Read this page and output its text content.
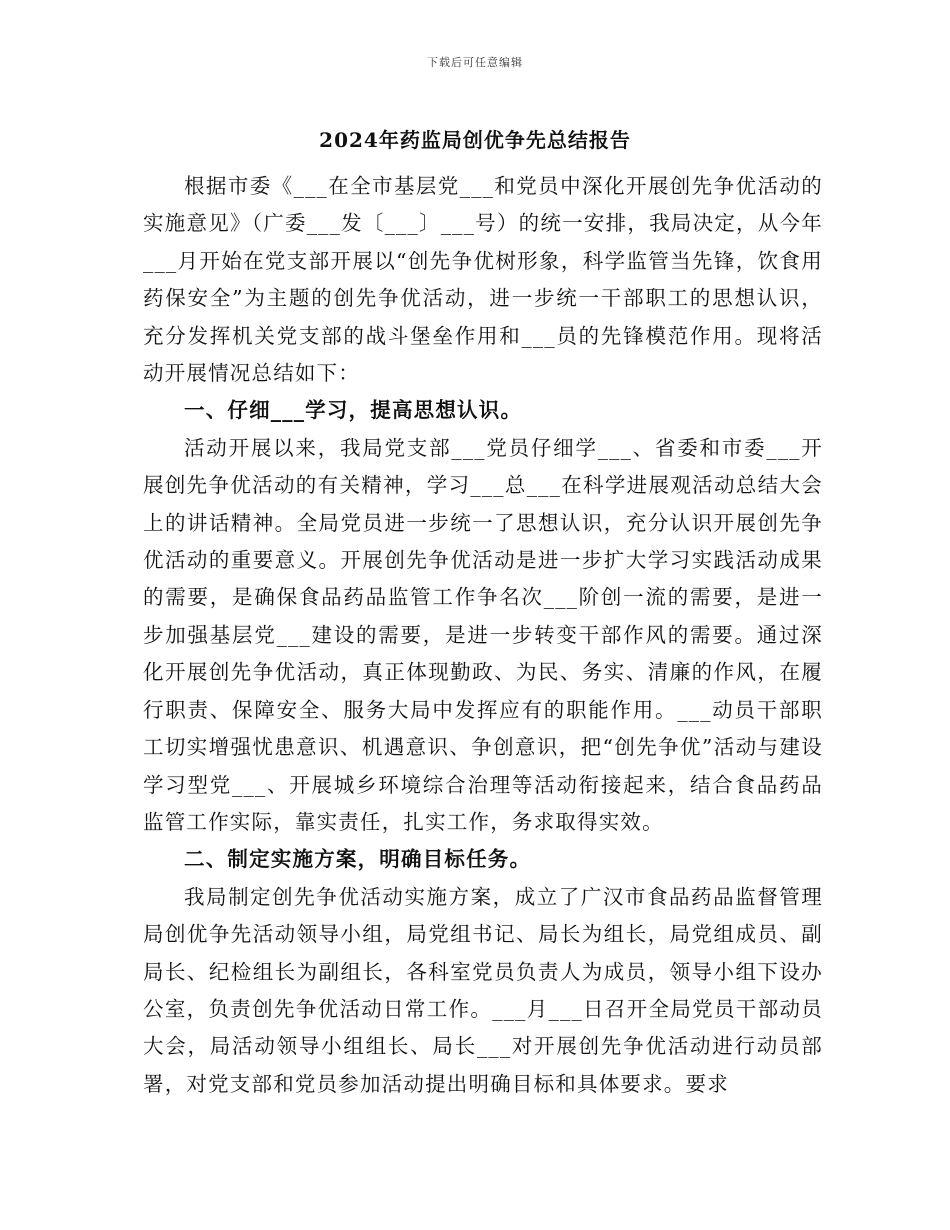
下载后可任意编辑
2024年药监局创优争先总结报告

根据市委《___在全市基层党___和党员中深化开展创先争优活动的实施意见》（广委___发〔___〕___号）的统一安排，我局决定，从今年___月开始在党支部开展以“创先争优树形象，科学监管当先锋，饮食用药保安全”为主题的创先争优活动，进一步统一干部职工的思想认识，充分发挥机关党支部的战斗堡垒作用和___员的先锋模范作用。现将活动开展情况总结如下：

一、仔细___学习，提高思想认识。

活动开展以来，我局党支部___党员仔细学___、省委和市委___开展创先争优活动的有关精神，学习___总___在科学进展观活动总结大会上的讲话精神。全局党员进一步统一了思想认识，充分认识开展创先争优活动的重要意义。开展创先争优活动是进一步扩大学习实践活动成果的需要，是确保食品药品监管工作争名次___阶创一流的需要，是进一步加强基层党___建设的需要，是进一步转变干部作风的需要。通过深化开展创先争优活动，真正体现勤政、为民、务实、清廉的作风，在履行职责、保障安全、服务大局中发挥应有的职能作用。___动员干部职工切实增强忧患意识、机遇意识、争创意识，把“创先争优”活动与建设学习型党___、开展城乡环境综合治理等活动衔接起来，结合食品药品监管工作实际，靠实责任，扎实工作，务求取得实效。

二、制定实施方案，明确目标任务。

我局制定创先争优活动实施方案，成立了广汉市食品药品监督管理局创优争先活动领导小组，局党组书记、局长为组长，局党组成员、副局长、纪检组长为副组长，各科室党员负责人为成员，领导小组下设办公室，负责创先争优活动日常工作。___月___日召开全局党员干部动员大会，局活动领导小组组长、局长___对开展创先争优活动进行动员部署，对党支部和党员参加活动提出明确目标和具体要求。要求
